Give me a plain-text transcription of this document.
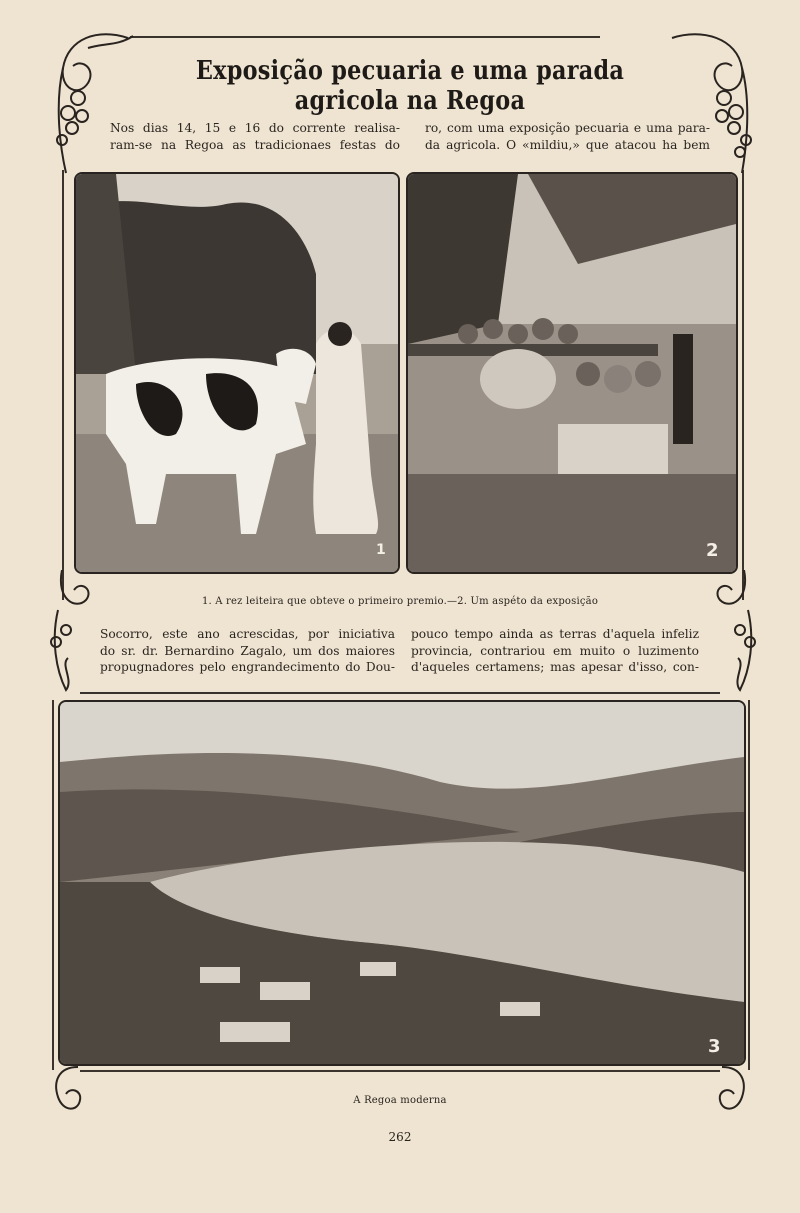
Exposição pecuaria e uma parada agricola na Regoa
Nos dias 14, 15 e 16 do corrente realisa-
ram-se na Regoa as tradicionaes festas do
ro, com uma exposição pecuaria e uma para-
da agricola. O «mildiu,» que atacou ha bem
1	2
1. A rez leiteira que obteve o primeiro premio.—2. Um aspéto da exposição
Socorro, este ano acrescidas, por iniciativa
do sr. dr. Bernardino Zagalo, um dos maiores
propugnadores pelo engrandecimento do Dou-
pouco tempo ainda as terras d'aquela infeliz
provincia, contrariou em muito o luzimento
d'aqueles certamens; mas apesar d'isso, con-
3
A Regoa moderna
262
